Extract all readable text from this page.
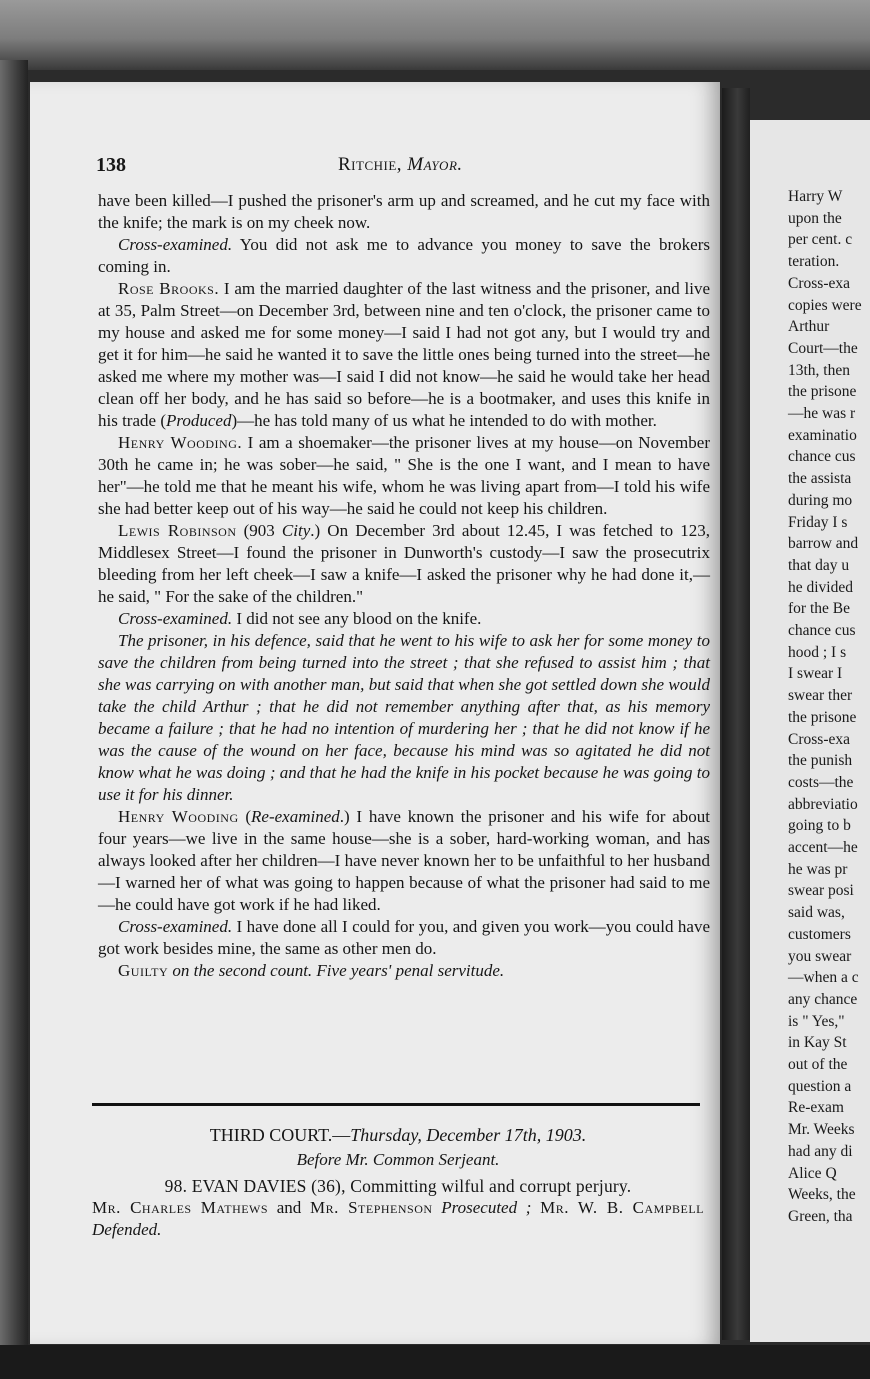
Harry W
upon the
per cent. c
teration.
Cross-exa
copies were
Arthur
Court—the
13th, then
the prisone
—he was r
examinatio
chance cus
the assista
during mo
Friday I s
barrow and
that day u
he divided
for the Be
chance cus
hood ; I s
I swear I
swear ther
the prisone
Cross-exa
the punish
costs—the
abbreviatio
going to b
accent—he
he was pr
swear posi
said was,
customers
you swear
—when a c
any chance
is " Yes,"
in Kay St
out of the
question a
Re-exam
Mr. Weeks
had any di
Alice Q
Weeks, the
Green, tha
138	Ritchie, Mayor.

have been killed—I pushed the prisoner's arm up and screamed, and he cut my face with the knife; the mark is on my cheek now.

Cross-examined. You did not ask me to advance you money to save the brokers coming in.

Rose Brooks. I am the married daughter of the last witness and the prisoner, and live at 35, Palm Street—on December 3rd, between nine and ten o'clock, the prisoner came to my house and asked me for some money—I said I had not got any, but I would try and get it for him—he said he wanted it to save the little ones being turned into the street—he asked me where my mother was—I said I did not know—he said he would take her head clean off her body, and he has said so before—he is a bootmaker, and uses this knife in his trade (Produced)—he has told many of us what he intended to do with mother.

Henry Wooding. I am a shoemaker—the prisoner lives at my house—on November 30th he came in; he was sober—he said, " She is the one I want, and I mean to have her"—he told me that he meant his wife, whom he was living apart from—I told his wife she had better keep out of his way—he said he could not keep his children.

Lewis Robinson (903 City.) On December 3rd about 12.45, I was fetched to 123, Middlesex Street—I found the prisoner in Dunworth's custody—I saw the prosecutrix bleeding from her left cheek—I saw a knife—I asked the prisoner why he had done it,—he said, " For the sake of the children."

Cross-examined. I did not see any blood on the knife.

The prisoner, in his defence, said that he went to his wife to ask her for some money to save the children from being turned into the street ; that she refused to assist him ; that she was carrying on with another man, but said that when she got settled down she would take the child Arthur ; that he did not remember anything after that, as his memory became a failure ; that he had no intention of murdering her ; that he did not know if he was the cause of the wound on her face, because his mind was so agitated he did not know what he was doing ; and that he had the knife in his pocket because he was going to use it for his dinner.

Henry Wooding (Re-examined.) I have known the prisoner and his wife for about four years—we live in the same house—she is a sober, hard-working woman, and has always looked after her children—I have never known her to be unfaithful to her husband—I warned her of what was going to happen because of what the prisoner had said to me—he could have got work if he had liked.

Cross-examined. I have done all I could for you, and given you work—you could have got work besides mine, the same as other men do.

Guilty on the second count. Five years' penal servitude.

THIRD COURT.—Thursday, December 17th, 1903.
Before Mr. Common Serjeant.
98. EVAN DAVIES (36), Committing wilful and corrupt perjury.
Mr. Charles Mathews and Mr. Stephenson Prosecuted ; Mr. W. B. Campbell Defended.
